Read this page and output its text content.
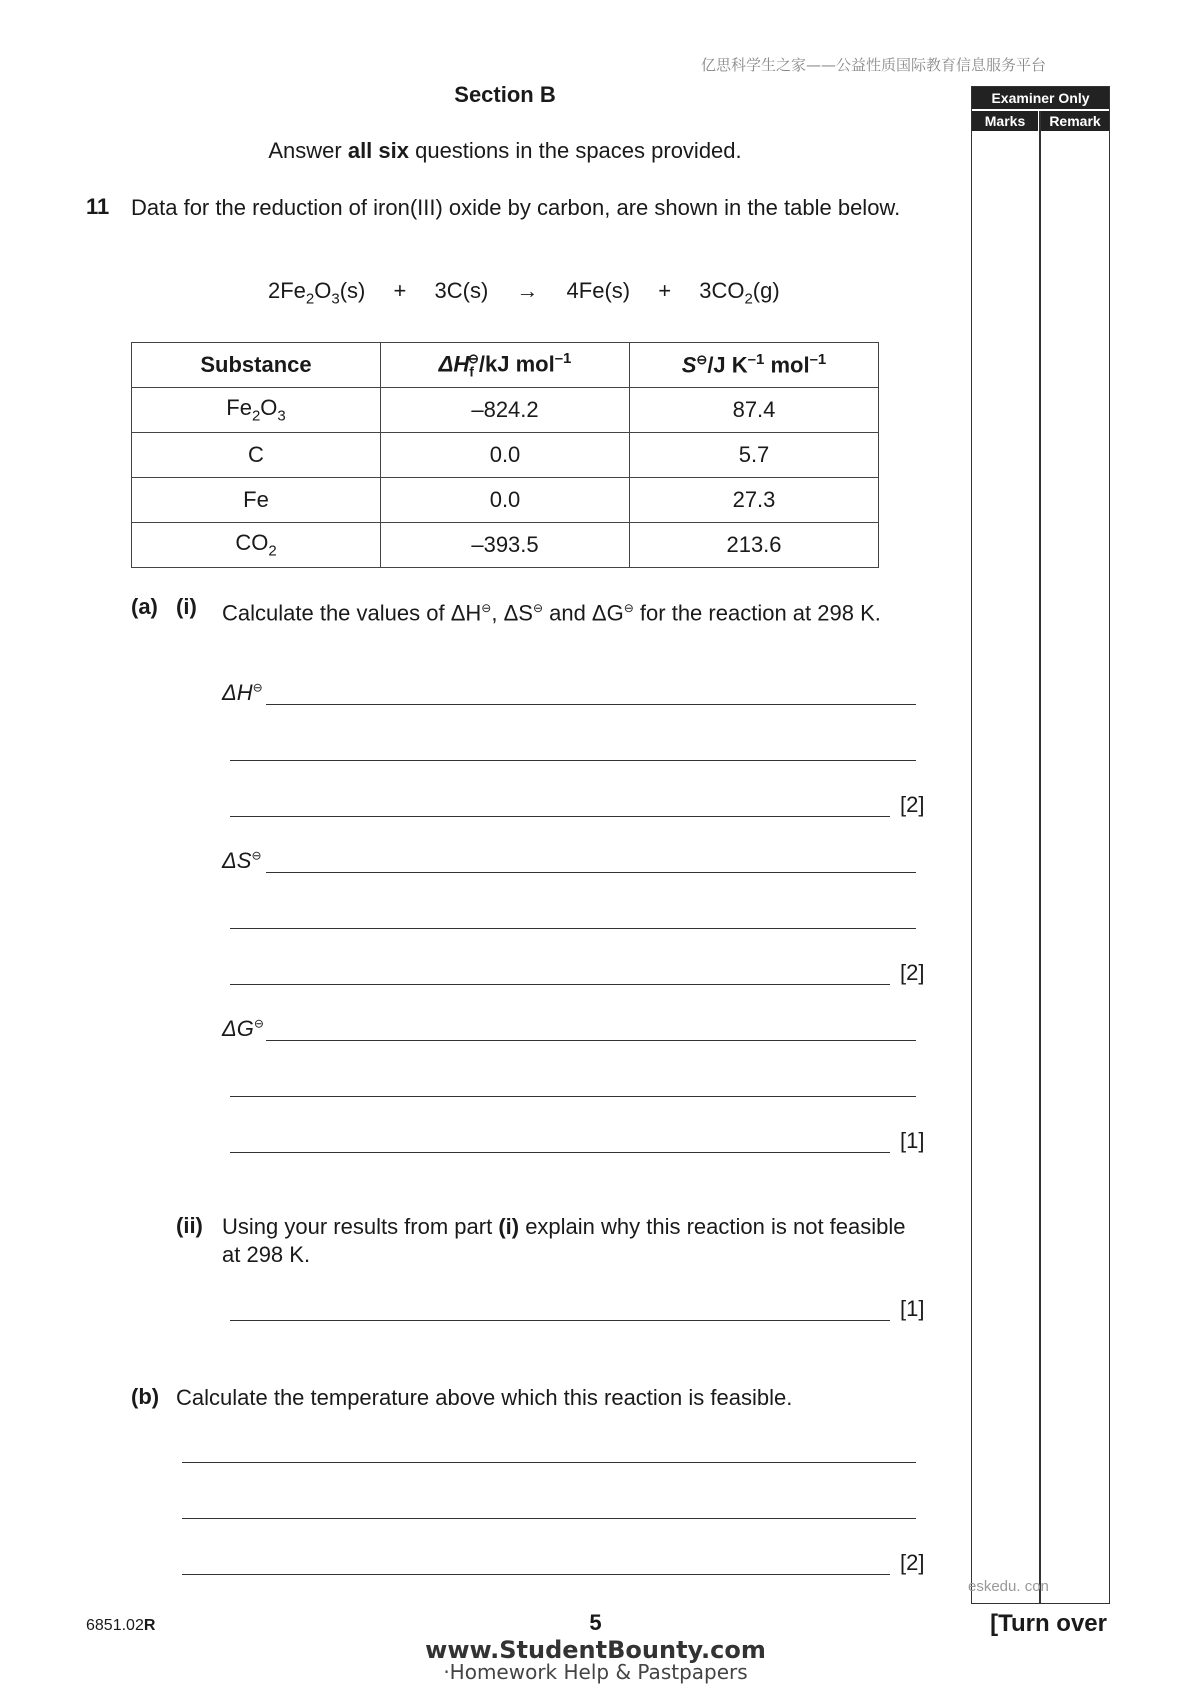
亿思科学生之家——公益性质国际教育信息服务平台
Section B
Answer all six questions in the spaces provided.
11 Data for the reduction of iron(III) oxide by carbon, are shown in the table below.
$2Fe_2O_3(s) + 3C(s) \to 4Fe(s) + 3CO_2(g)$
Substance	$\Delta H_f^⊖/kJ$ mol$^{-1}$	S⊖/J $K^{-1}$ mol$^{-1}$
$Fe_2O_3$	–824.2	87.4
C	0.0	5.7
Fe	0.0	27.3
$CO_2$	–393.5	213.6
(a) (i) Calculate the values of ΔH⊖, ΔS⊖ and ΔG⊖ for the reaction at 298 K.
ΔH⊖
[2]
ΔS⊖
[2]
ΔG⊖
[1]
(ii) Using your results from part (i) explain why this reaction is not feasible at 298 K.
[1]
(b) Calculate the temperature above which this reaction is feasible.
[2]
Examiner Only
Marks	Remark
eskedu. con
6851.02R	5	[Turn over
www.StudentBounty.com
·Homework Help & Pastpapers
